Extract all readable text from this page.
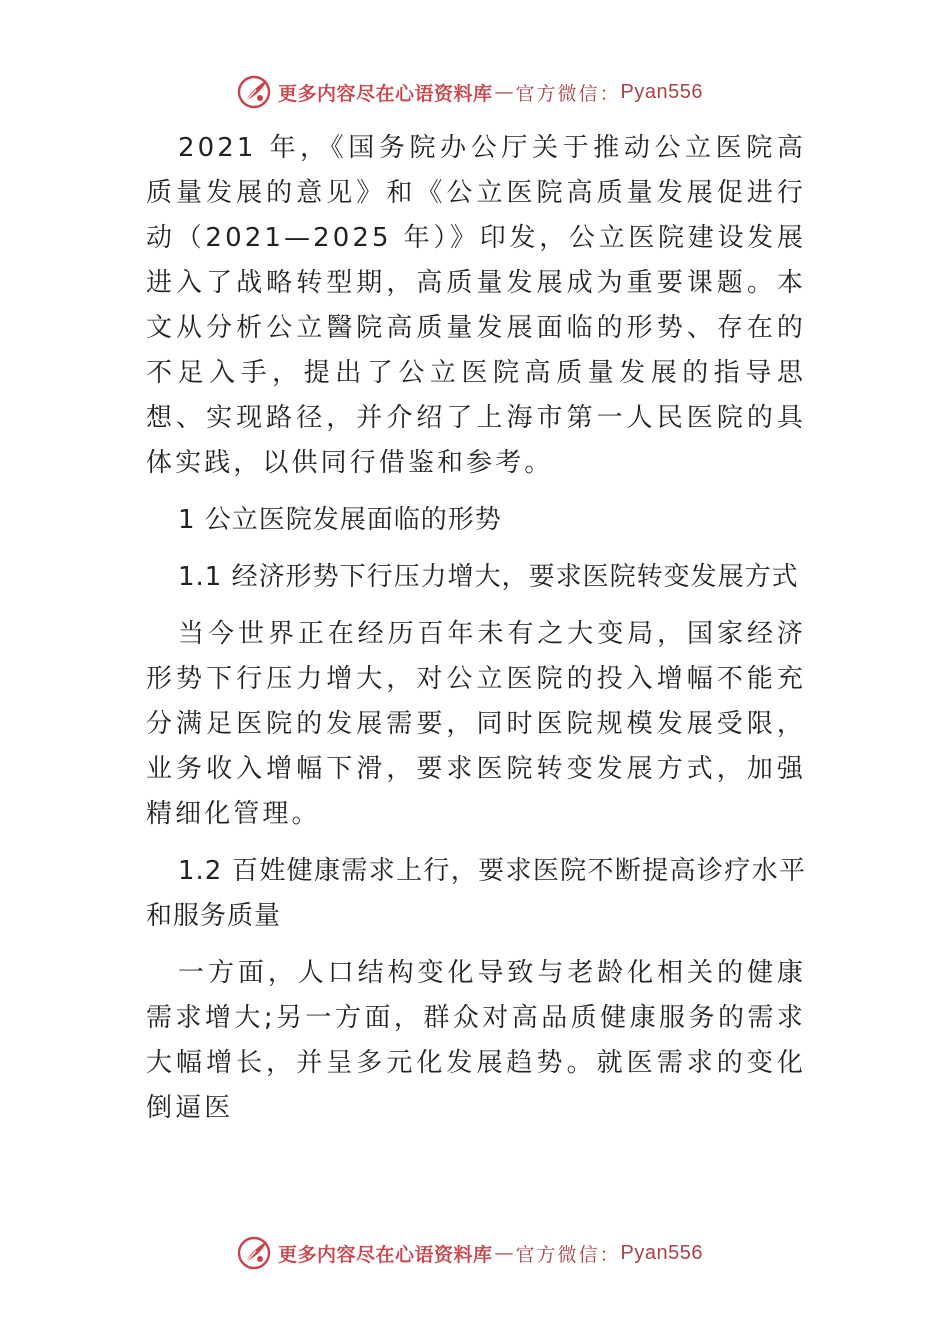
更多内容尽在心语资料库 — 官方微信： Pyan556

2021 年，《国务院办公厅关于推动公立医院高质量发展的意见》和《公立医院高质量发展促进行动（2021—2025 年）》印发，公立医院建设发展进入了战略转型期，高质量发展成为重要课题。本文从分析公立醫院高质量发展面临的形势、存在的不足入手，提出了公立医院高质量发展的指导思想、实现路径，并介绍了上海市第一人民医院的具体实践，以供同行借鉴和参考。

1 公立医院发展面临的形势

1.1 经济形势下行压力增大，要求医院转变发展方式

当今世界正在经历百年未有之大变局，国家经济形势下行压力增大，对公立医院的投入增幅不能充分满足医院的发展需要，同时医院规模发展受限，业务收入增幅下滑，要求医院转变发展方式，加强精细化管理。

1.2 百姓健康需求上行，要求医院不断提高诊疗水平和服务质量

一方面，人口结构变化导致与老龄化相关的健康需求增大;另一方面，群众对高品质健康服务的需求大幅增长，并呈多元化发展趋势。就医需求的变化倒逼医

更多内容尽在心语资料库 — 官方微信： Pyan556
